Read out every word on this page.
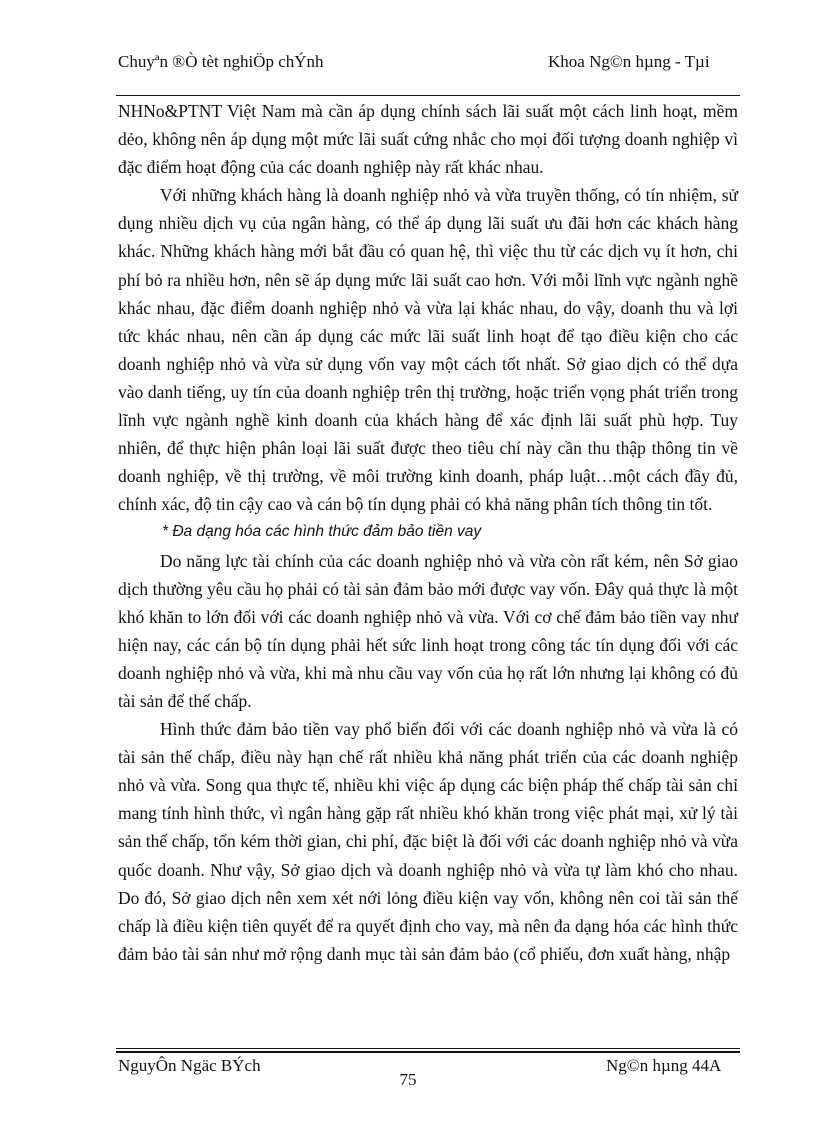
Chuyªn ®Ò tèt nghiÖp chÝnh	Khoa Ng©n hµng - Tµi

NHNo&PTNT Việt Nam mà cần áp dụng chính sách lãi suất một cách linh hoạt, mềm dẻo, không nên áp dụng một mức lãi suất cứng nhắc cho mọi đối tượng doanh nghiệp vì đặc điểm hoạt động của các doanh nghiệp này rất khác nhau.

Với những khách hàng là doanh nghiệp nhỏ và vừa truyền thống, có tín nhiệm, sử dụng nhiều dịch vụ của ngân hàng, có thể áp dụng lãi suất ưu đãi hơn các khách hàng khác. Những khách hàng mới bắt đầu có quan hệ, thì việc thu từ các dịch vụ ít hơn, chi phí bỏ ra nhiều hơn, nên sẽ áp dụng mức lãi suất cao hơn. Với mỗi lĩnh vực ngành nghề khác nhau, đặc điểm doanh nghiệp nhỏ và vừa lại khác nhau, do vậy, doanh thu và lợi tức khác nhau, nên cần áp dụng các mức lãi suất linh hoạt để tạo điều kiện cho các doanh nghiệp nhỏ và vừa sử dụng vốn vay một cách tốt nhất. Sở giao dịch có thể dựa vào danh tiếng, uy tín của doanh nghiệp trên thị trường, hoặc triển vọng phát triển trong lĩnh vực ngành nghề kinh doanh của khách hàng để xác định lãi suất phù hợp. Tuy nhiên, để thực hiện phân loại lãi suất được theo tiêu chí này cần thu thập thông tin về doanh nghiệp, về thị trường, về môi trường kinh doanh, pháp luật…một cách đầy đủ, chính xác, độ tin cậy cao và cán bộ tín dụng phải có khả năng phân tích thông tin tốt.

* Đa dạng hóa các hình thức đảm bảo tiền vay

Do năng lực tài chính của các doanh nghiệp nhỏ và vừa còn rất kém, nên Sở giao dịch thường yêu cầu họ phải có tài sản đảm bảo mới được vay vốn. Đây quả thực là một khó khăn to lớn đối với các doanh nghiệp nhỏ và vừa. Với cơ chế đảm bảo tiền vay như hiện nay, các cán bộ tín dụng phải hết sức linh hoạt trong công tác tín dụng đối với các doanh nghiệp nhỏ và vừa, khi mà nhu cầu vay vốn của họ rất lớn nhưng lại không có đủ tài sản để thế chấp.

Hình thức đảm bảo tiền vay phổ biến đối với các doanh nghiệp nhỏ và vừa là có tài sản thế chấp, điều này hạn chế rất nhiều khả năng phát triển của các doanh nghiệp nhỏ và vừa. Song qua thực tế, nhiều khi việc áp dụng các biện pháp thế chấp tài sản chỉ mang tính hình thức, vì ngân hàng gặp rất nhiều khó khăn trong việc phát mại, xử lý tài sản thế chấp, tốn kém thời gian, chi phí, đặc biệt là đối với các doanh nghiệp nhỏ và vừa quốc doanh. Như vậy, Sở giao dịch và doanh nghiệp nhỏ và vừa tự làm khó cho nhau. Do đó, Sở giao dịch nên xem xét nới lỏng điều kiện vay vốn, không nên coi tài sản thế chấp là điều kiện tiên quyết để ra quyết định cho vay, mà nên đa dạng hóa các hình thức đảm bảo tài sản như mở rộng danh mục tài sản đảm bảo (cổ phiếu, đơn xuất hàng, nhập

NguyÔn Ngäc BÝch	Ng©n hµng 44A
75
